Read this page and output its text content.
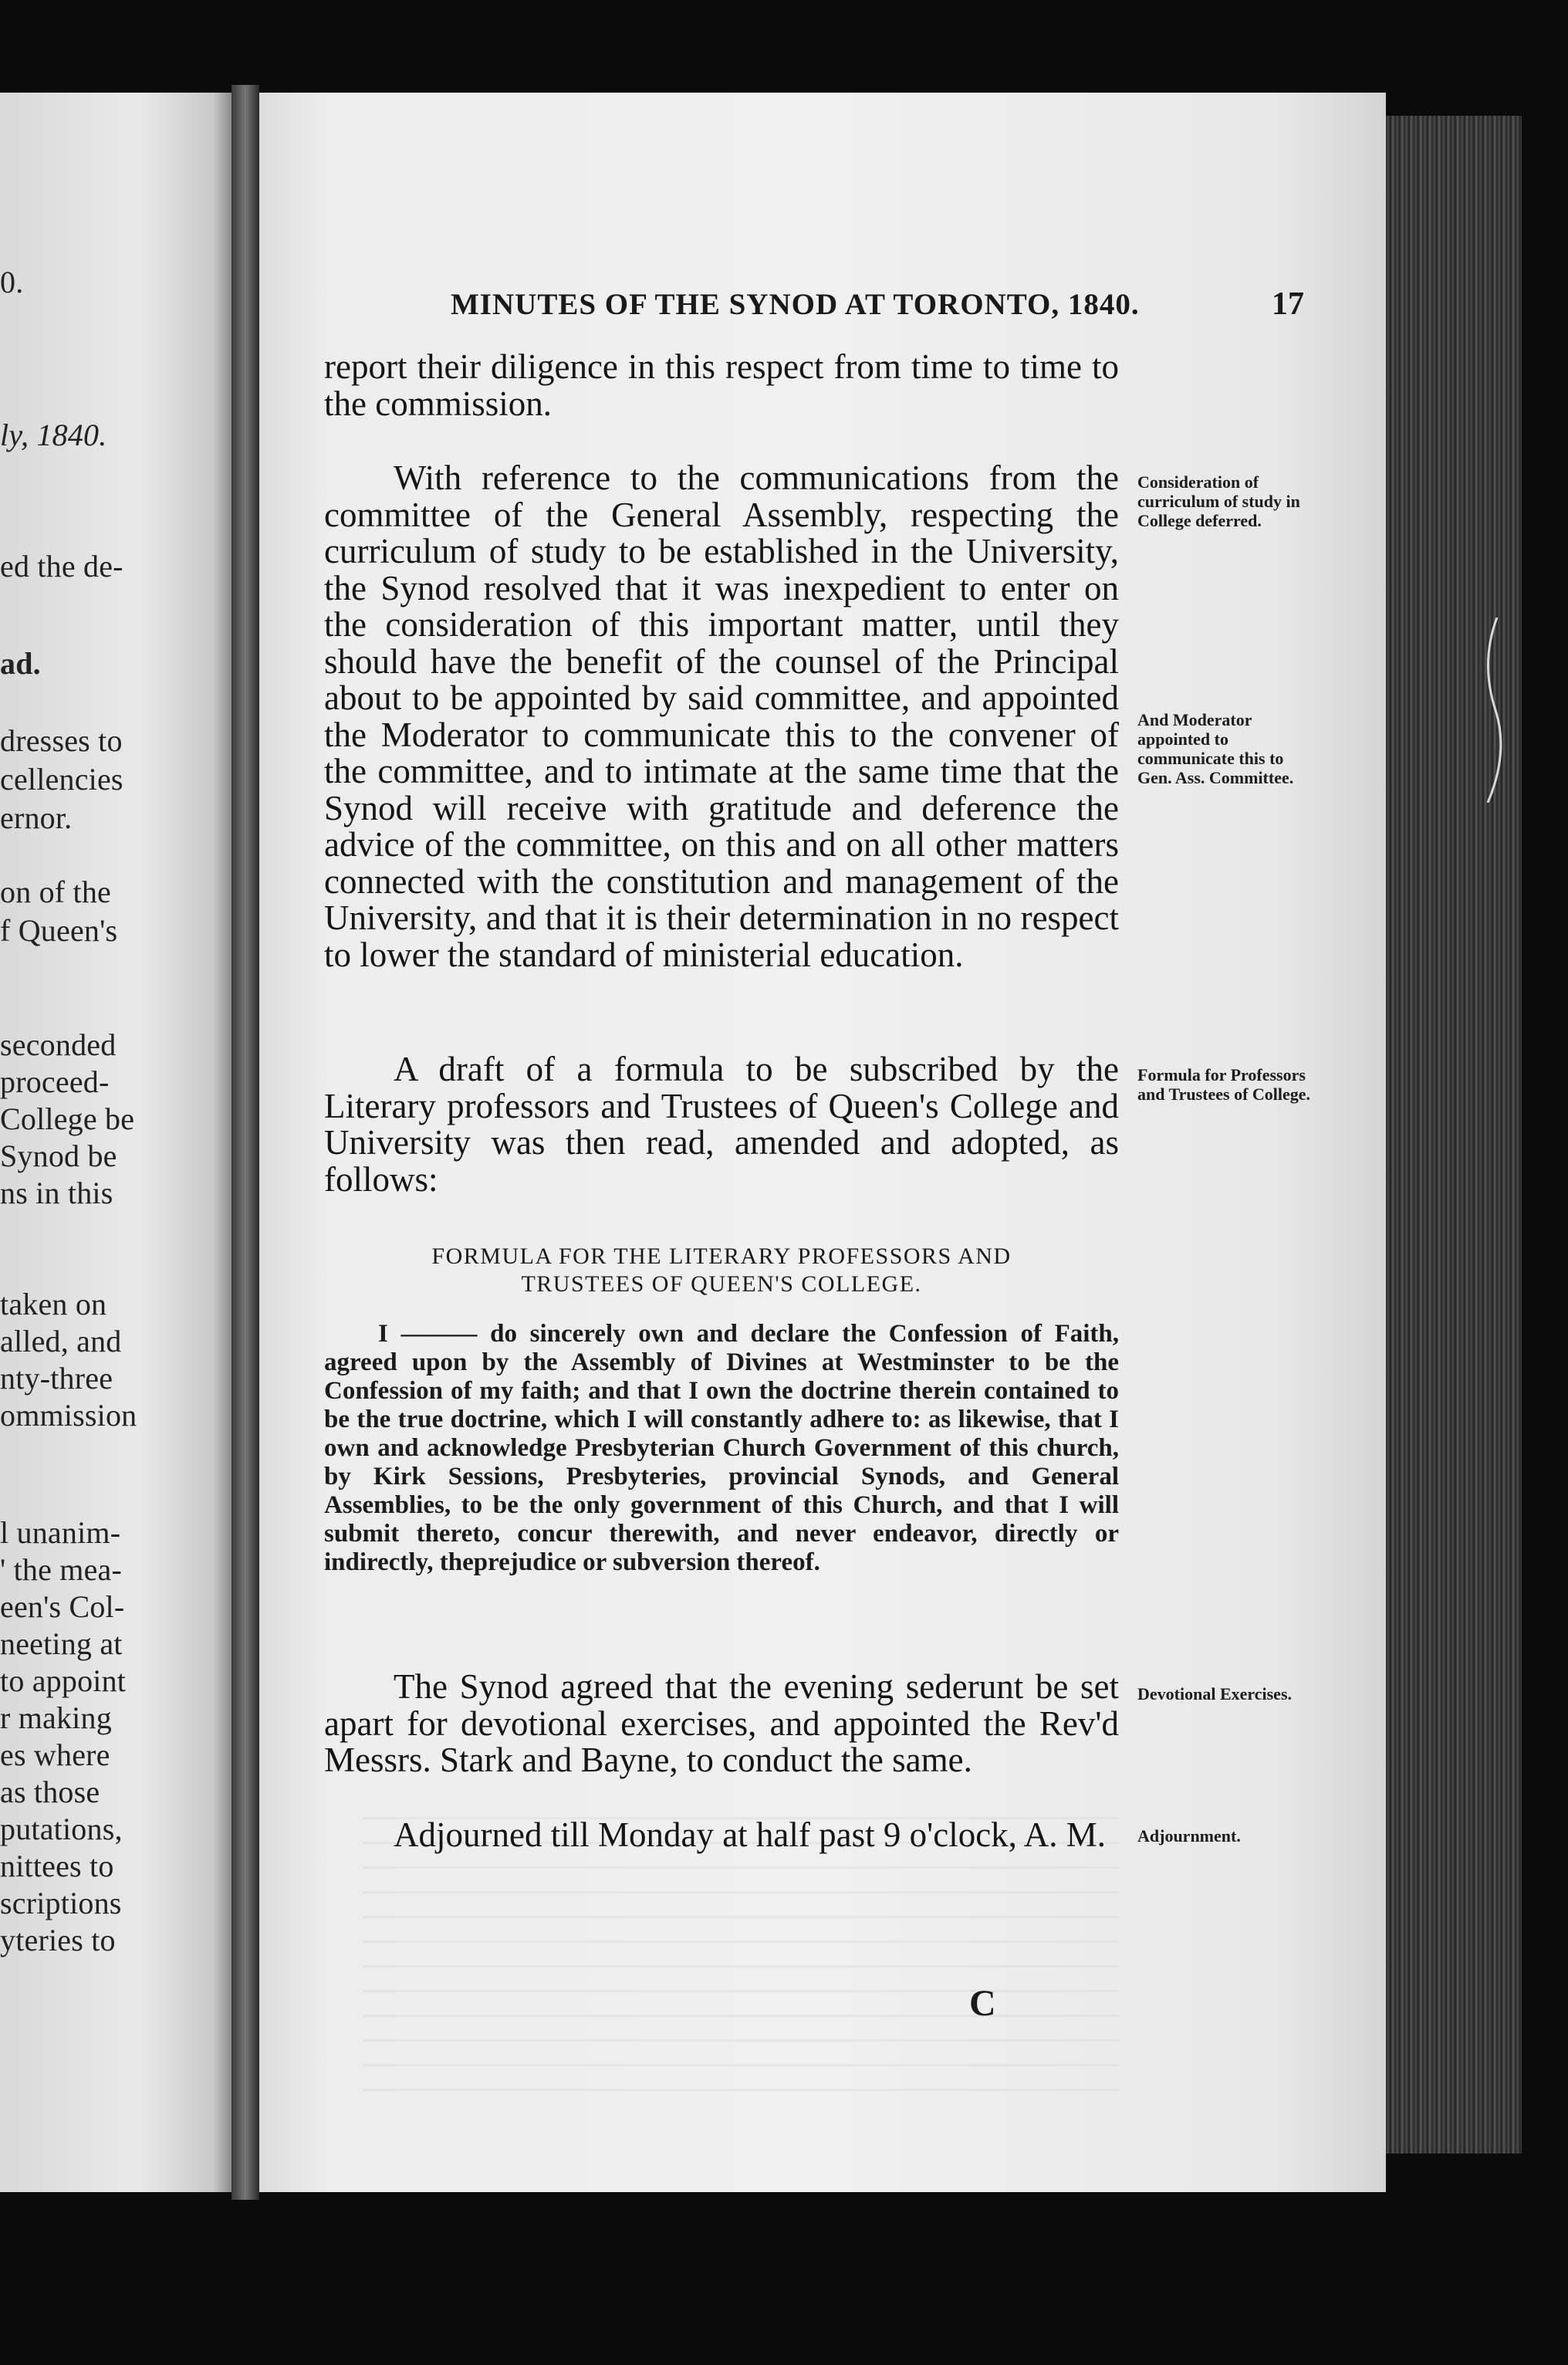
0.
ly, 1840.
ed the de-
ad.
dresses to
cellencies
ernor.
on of the
f Queen's
seconded
proceed-
College be
Synod be
ns in this
taken on
alled, and
nty-three
ommission
l unanim-
' the mea-
een's Col-
neeting at
to appoint
r making
es where
as those
putations,
nittees to
scriptions
yteries to
MINUTES OF THE SYNOD AT TORONTO, 1840.	17

report their diligence in this respect from time to time to the commission.

With reference to the communications from the committee of the General Assembly, respecting the curriculum of study to be established in the University, the Synod resolved that it was inexpedient to enter on the consideration of this important matter, until they should have the benefit of the counsel of the Principal about to be appointed by said committee, and appointed the Moderator to communicate this to the convener of the committee, and to intimate at the same time that the Synod will receive with gratitude and deference the advice of the committee, on this and on all other matters connected with the constitution and management of the University, and that it is their determination in no respect to lower the standard of ministerial education.

A draft of a formula to be subscribed by the Literary professors and Trustees of Queen's College and University was then read, amended and adopted, as follows:

FORMULA FOR THE LITERARY PROFESSORS AND
TRUSTEES OF QUEEN'S COLLEGE.

I ——— do sincerely own and declare the Confession of Faith, agreed upon by the Assembly of Divines at Westminster to be the Confession of my faith; and that I own the doctrine therein contained to be the true doctrine, which I will constantly adhere to: as likewise, that I own and acknowledge Presbyterian Church Government of this church, by Kirk Sessions, Presbyteries, provincial Synods, and General Assemblies, to be the only government of this Church, and that I will submit thereto, concur therewith, and never endeavor, directly or indirectly, theprejudice or subversion thereof.

The Synod agreed that the evening sederunt be set apart for devotional exercises, and appointed the Rev'd Messrs. Stark and Bayne, to conduct the same.

Adjourned till Monday at half past 9 o'clock, A. M.

Consideration of curriculum of study in College deferred.
And Moderator appointed to communicate this to Gen. Ass. Committee.
Formula for Professors and Trustees of College.
Devotional Exercises.
Adjournment.
C
